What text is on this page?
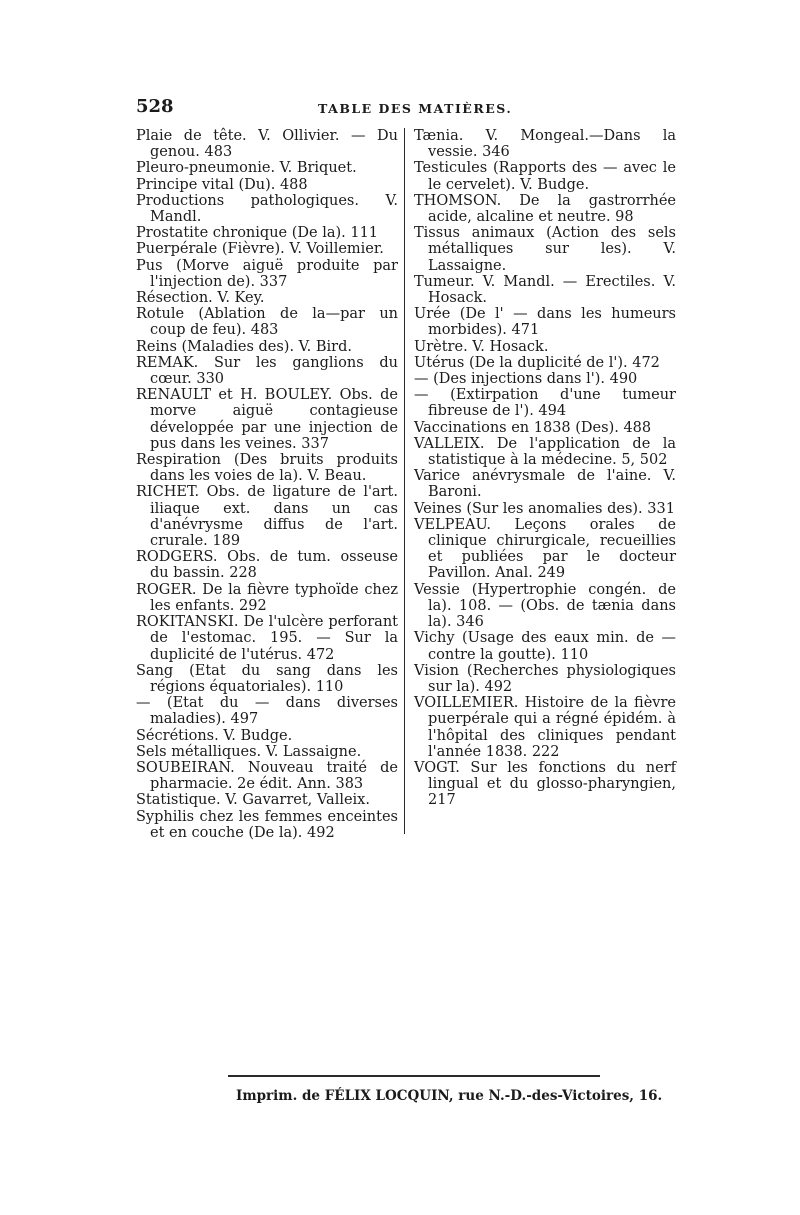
528	TABLE DES MATIÈRES.

Plaie de tête. V. Ollivier. — Du genou. 483

Pleuro-pneumonie. V. Briquet.

Principe vital (Du). 488

Productions pathologiques. V. Mandl.

Prostatite chronique (De la). 111

Puerpérale (Fièvre). V. Voillemier.

Pus (Morve aiguë produite par l'injection de). 337

Résection. V. Key.

Rotule (Ablation de la—par un coup de feu). 483

Reins (Maladies des). V. Bird.

REMAK. Sur les ganglions du cœur. 330

RENAULT et H. BOULEY. Obs. de morve aiguë contagieuse développée par une injection de pus dans les veines. 337

Respiration (Des bruits produits dans les voies de la). V. Beau.

RICHET. Obs. de ligature de l'art. iliaque ext. dans un cas d'anévrysme diffus de l'art. crurale. 189

RODGERS. Obs. de tum. osseuse du bassin. 228

ROGER. De la fièvre typhoïde chez les enfants. 292

ROKITANSKI. De l'ulcère perforant de l'estomac. 195. — Sur la duplicité de l'utérus. 472

Sang (Etat du sang dans les régions équatoriales). 110

— (Etat du — dans diverses maladies). 497

Sécrétions. V. Budge.

Sels métalliques. V. Lassaigne.

SOUBEIRAN. Nouveau traité de pharmacie. 2e édit. Ann. 383

Statistique. V. Gavarret, Valleix.

Syphilis chez les femmes enceintes et en couche (De la). 492

Tænia. V. Mongeal.—Dans la vessie. 346

Testicules (Rapports des — avec le le cervelet). V. Budge.

THOMSON. De la gastrorrhée acide, alcaline et neutre. 98

Tissus animaux (Action des sels métalliques sur les). V. Lassaigne.

Tumeur. V. Mandl. — Erectiles. V. Hosack.

Urée (De l' — dans les humeurs morbides). 471

Urètre. V. Hosack.

Utérus (De la duplicité de l'). 472

— (Des injections dans l'). 490

— (Extirpation d'une tumeur fibreuse de l'). 494

Vaccinations en 1838 (Des). 488

VALLEIX. De l'application de la statistique à la médecine. 5, 502

Varice anévrysmale de l'aine. V. Baroni.

Veines (Sur les anomalies des). 331

VELPEAU. Leçons orales de clinique chirurgicale, recueillies et publiées par le docteur Pavillon. Anal. 249

Vessie (Hypertrophie congén. de la). 108. — (Obs. de tænia dans la). 346

Vichy (Usage des eaux min. de — contre la goutte). 110

Vision (Recherches physiologiques sur la). 492

VOILLEMIER. Histoire de la fièvre puerpérale qui a régné épidém. à l'hôpital des cliniques pendant l'année 1838. 222

VOGT. Sur les fonctions du nerf lingual et du glosso-pharyngien, 217

Imprim. de FÉLIX LOCQUIN, rue N.-D.-des-Victoires, 16.
